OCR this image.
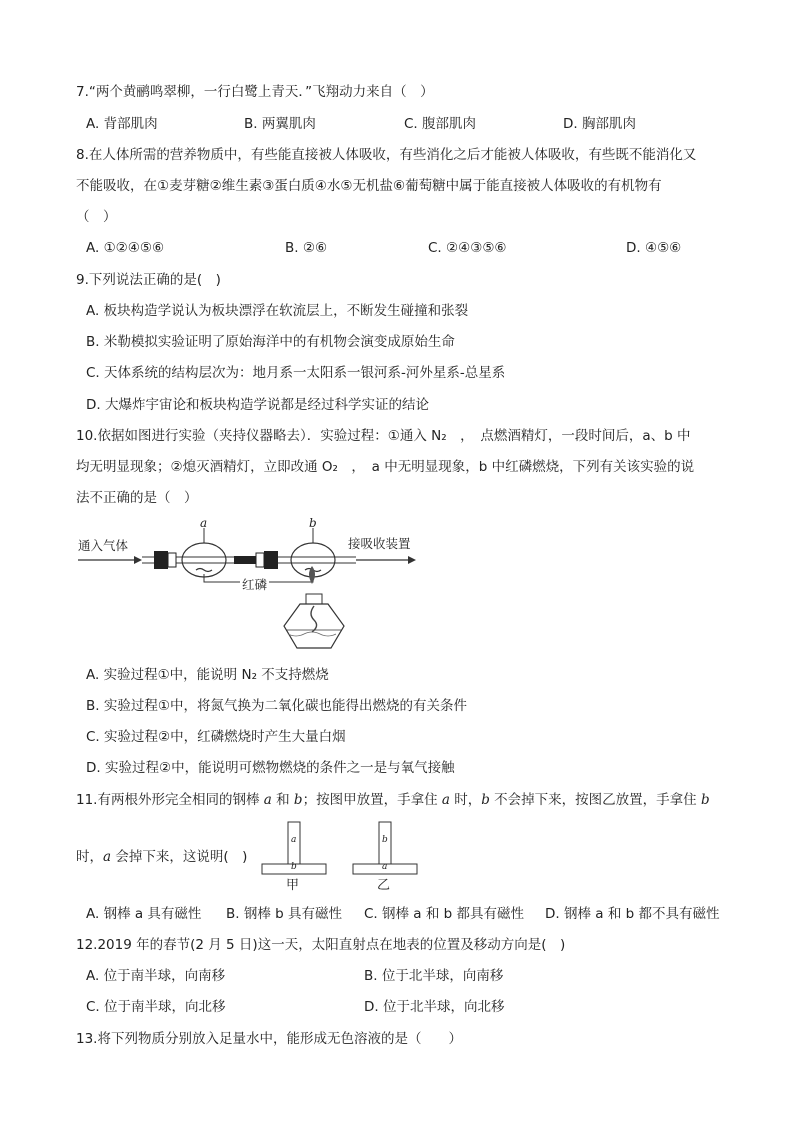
7.“两个黄鹂鸣翠柳，一行白鹭上青天．”飞翔动力来自（　）
A. 背部肌肉	B. 两翼肌肉	C. 腹部肌肉	D. 胸部肌肉
8.在人体所需的营养物质中，有些能直接被人体吸收，有些消化之后才能被人体吸收，有些既不能消化又
不能吸收，在①麦芽糖②维生素③蛋白质④水⑤无机盐⑥葡萄糖中属于能直接被人体吸收的有机物有
（　）
A. ①②④⑤⑥	B. ②⑥	C. ②④③⑤⑥	D. ④⑤⑥
9.下列说法正确的是(　)
A. 板块构造学说认为板块漂浮在软流层上，不断发生碰撞和张裂
B. 米勒模拟实验证明了原始海洋中的有机物会演变成原始生命
C. 天体系统的结构层次为：地月系一太阳系一银河系-河外星系-总星系
D. 大爆炸宇宙论和板块构造学说都是经过科学实证的结论
10.依据如图进行实验（夹持仪器略去）．实验过程：①通入 N₂　，　点燃酒精灯，一段时间后，a、b 中
均无明显现象；②熄灭酒精灯，立即改通 O₂　，　a 中无明显现象，b 中红磷燃烧，下列有关该实验的说
法不正确的是（　）
通入气体	接吸收装置
a	b
红磷
A. 实验过程①中，能说明 N₂ 不支持燃烧
B. 实验过程①中，将氮气换为二氧化碳也能得出燃烧的有关条件
C. 实验过程②中，红磷燃烧时产生大量白烟
D. 实验过程②中，能说明可燃物燃烧的条件之一是与氧气接触
11.有两根外形完全相同的钢棒 a 和 b；按图甲放置，手拿住 a 时，b 不会掉下来，按图乙放置，手拿住 b
时，a 会掉下来，这说明(　)
a
b
b
a
甲	乙
A. 钢棒 a 具有磁性 B. 钢棒 b 具有磁性 C. 钢棒 a 和 b 都具有磁性 D. 钢棒 a 和 b 都不具有磁性
12.2019 年的春节(2 月 5 日)这一天，太阳直射点在地表的位置及移动方向是(　)
A. 位于南半球，向南移	B. 位于北半球，向南移
C. 位于南半球，向北移	D. 位于北半球，向北移
13.将下列物质分别放入足量水中，能形成无色溶液的是（　　）
